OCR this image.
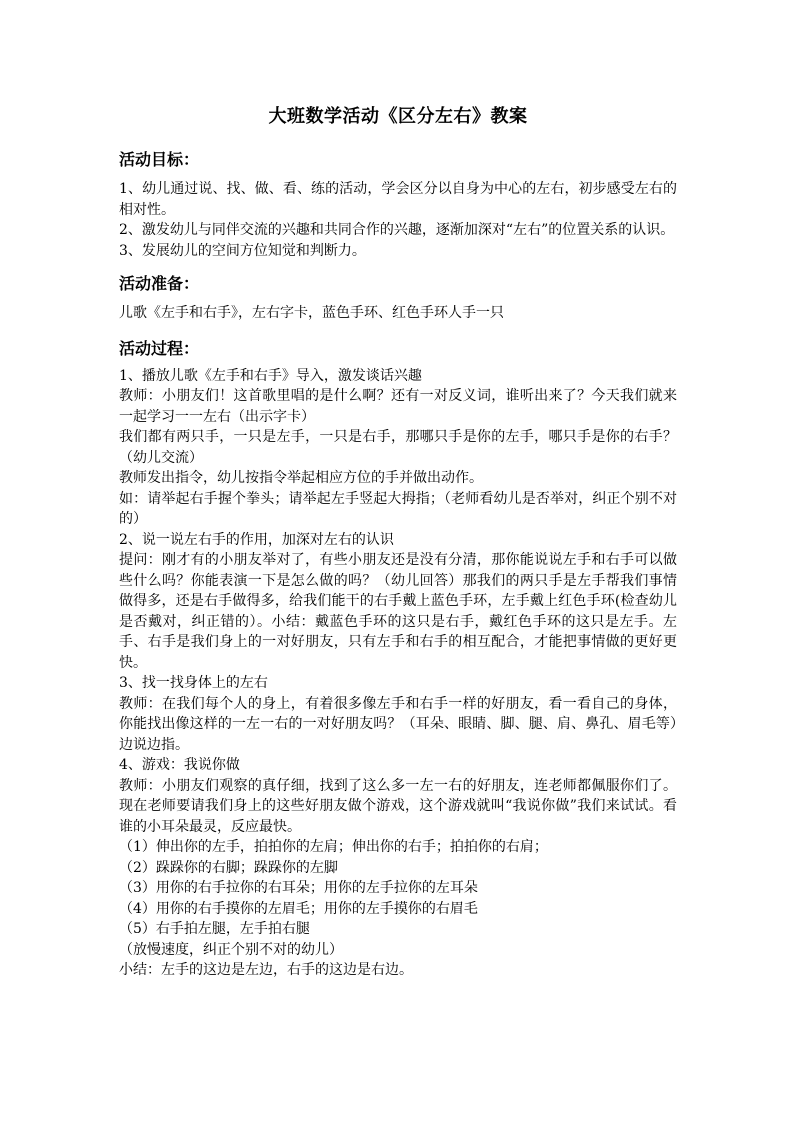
大班数学活动《区分左右》教案
活动目标：

1、幼儿通过说、找、做、看、练的活动，学会区分以自身为中心的左右，初步感受左右的相对性。

2、激发幼儿与同伴交流的兴趣和共同合作的兴趣，逐渐加深对“左右”的位置关系的认识。

3、发展幼儿的空间方位知觉和判断力。

活动准备：

儿歌《左手和右手》，左右字卡，蓝色手环、红色手环人手一只

活动过程：

1、播放儿歌《左手和右手》导入，激发谈话兴趣

教师：小朋友们！这首歌里唱的是什么啊？还有一对反义词，谁听出来了？今天我们就来一起学习一一左右（出示字卡）

我们都有两只手，一只是左手，一只是右手，那哪只手是你的左手，哪只手是你的右手？（幼儿交流）

教师发出指令，幼儿按指令举起相应方位的手并做出动作。

如：请举起右手握个拳头；请举起左手竖起大拇指；（老师看幼儿是否举对，纠正个别不对的）

2、说一说左右手的作用，加深对左右的认识

提问：刚才有的小朋友举对了，有些小朋友还是没有分清，那你能说说左手和右手可以做些什么吗？你能表演一下是怎么做的吗？（幼儿回答）那我们的两只手是左手帮我们事情做得多，还是右手做得多，给我们能干的右手戴上蓝色手环，左手戴上红色手环(检查幼儿是否戴对，纠正错的）。小结：戴蓝色手环的这只是右手，戴红色手环的这只是左手。左手、右手是我们身上的一对好朋友，只有左手和右手的相互配合，才能把事情做的更好更快。

3、找一找身体上的左右

教师：在我们每个人的身上，有着很多像左手和右手一样的好朋友，看一看自己的身体，你能找出像这样的一左一右的一对好朋友吗？（耳朵、眼睛、脚、腿、肩、鼻孔、眉毛等）边说边指。

4、游戏：我说你做

教师：小朋友们观察的真仔细，找到了这么多一左一右的好朋友，连老师都佩服你们了。现在老师要请我们身上的这些好朋友做个游戏，这个游戏就叫“我说你做”我们来试试。看谁的小耳朵最灵，反应最快。

（1）伸出你的左手，拍拍你的左肩；伸出你的右手；拍拍你的右肩；

（2）跺跺你的右脚；跺跺你的左脚

（3）用你的右手拉你的右耳朵；用你的左手拉你的左耳朵

（4）用你的右手摸你的左眉毛；用你的左手摸你的右眉毛

（5）右手拍左腿，左手拍右腿

（放慢速度，纠正个别不对的幼儿）

小结：左手的这边是左边，右手的这边是右边。
